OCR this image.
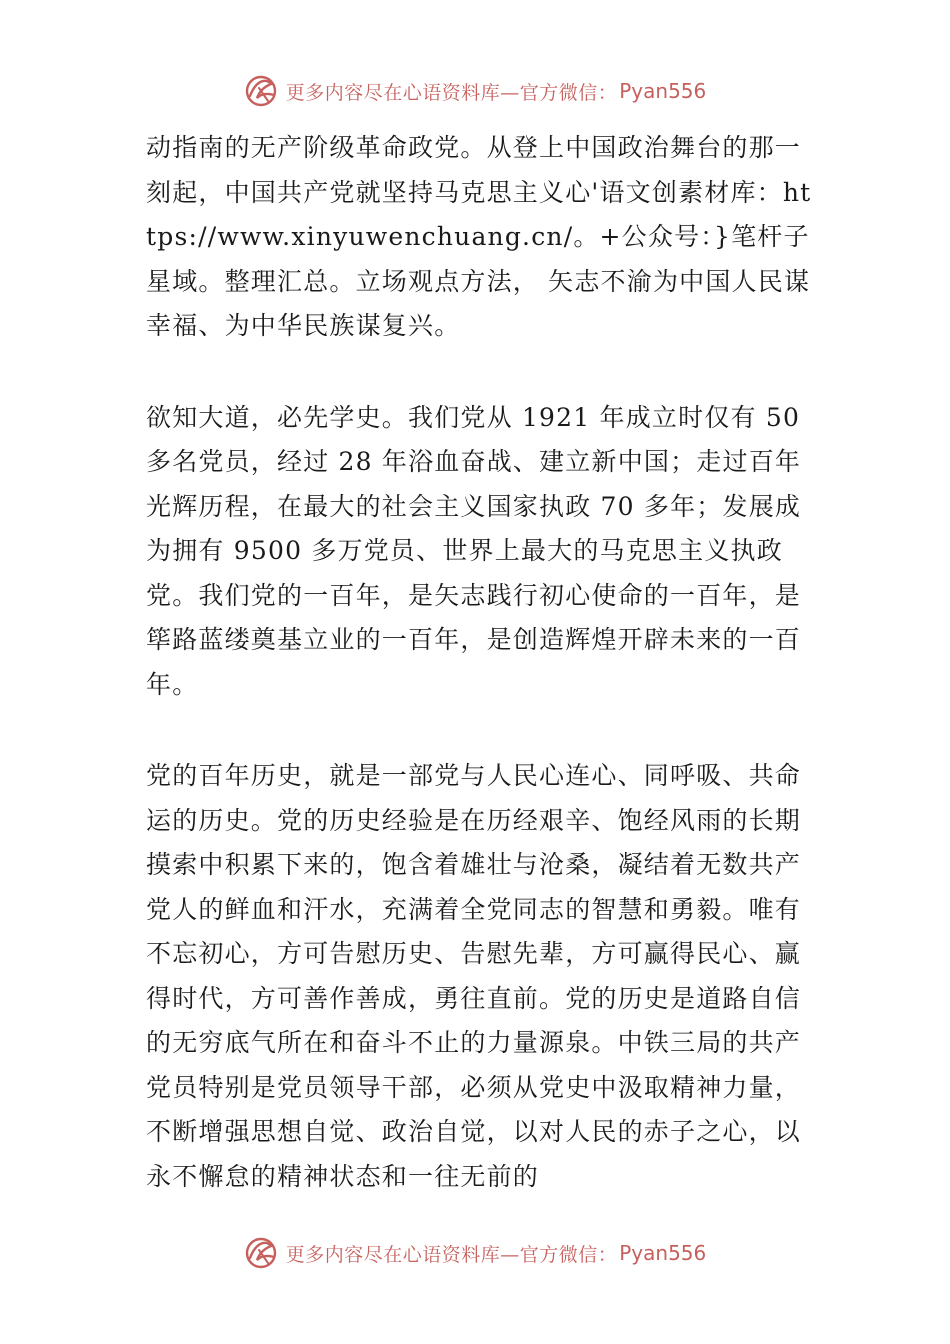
更多内容尽在心语资料库—官方微信： Pyan556

动指南的无产阶级革命政党。从登上中国政治舞台的那一刻起，中国共产党就坚持马克思主义心'语文创素材库：https://www.xinyuwenchuang.cn/。+公众号：}笔杆子星域。整理汇总。立场观点方法， 矢志不渝为中国人民谋幸福、为中华民族谋复兴。

欲知大道，必先学史。我们党从 1921 年成立时仅有 50 多名党员，经过 28 年浴血奋战、建立新中国；走过百年光辉历程，在最大的社会主义国家执政 70 多年；发展成为拥有 9500 多万党员、世界上最大的马克思主义执政党。我们党的一百年，是矢志践行初心使命的一百年，是筚路蓝缕奠基立业的一百年，是创造辉煌开辟未来的一百年。

党的百年历史，就是一部党与人民心连心、同呼吸、共命运的历史。党的历史经验是在历经艰辛、饱经风雨的长期摸索中积累下来的，饱含着雄壮与沧桑，凝结着无数共产党人的鲜血和汗水，充满着全党同志的智慧和勇毅。唯有不忘初心，方可告慰历史、告慰先辈，方可赢得民心、赢得时代，方可善作善成，勇往直前。党的历史是道路自信的无穷底气所在和奋斗不止的力量源泉。中铁三局的共产党员特别是党员领导干部，必须从党史中汲取精神力量，不断增强思想自觉、政治自觉，以对人民的赤子之心，以永不懈怠的精神状态和一往无前的

更多内容尽在心语资料库—官方微信： Pyan556
